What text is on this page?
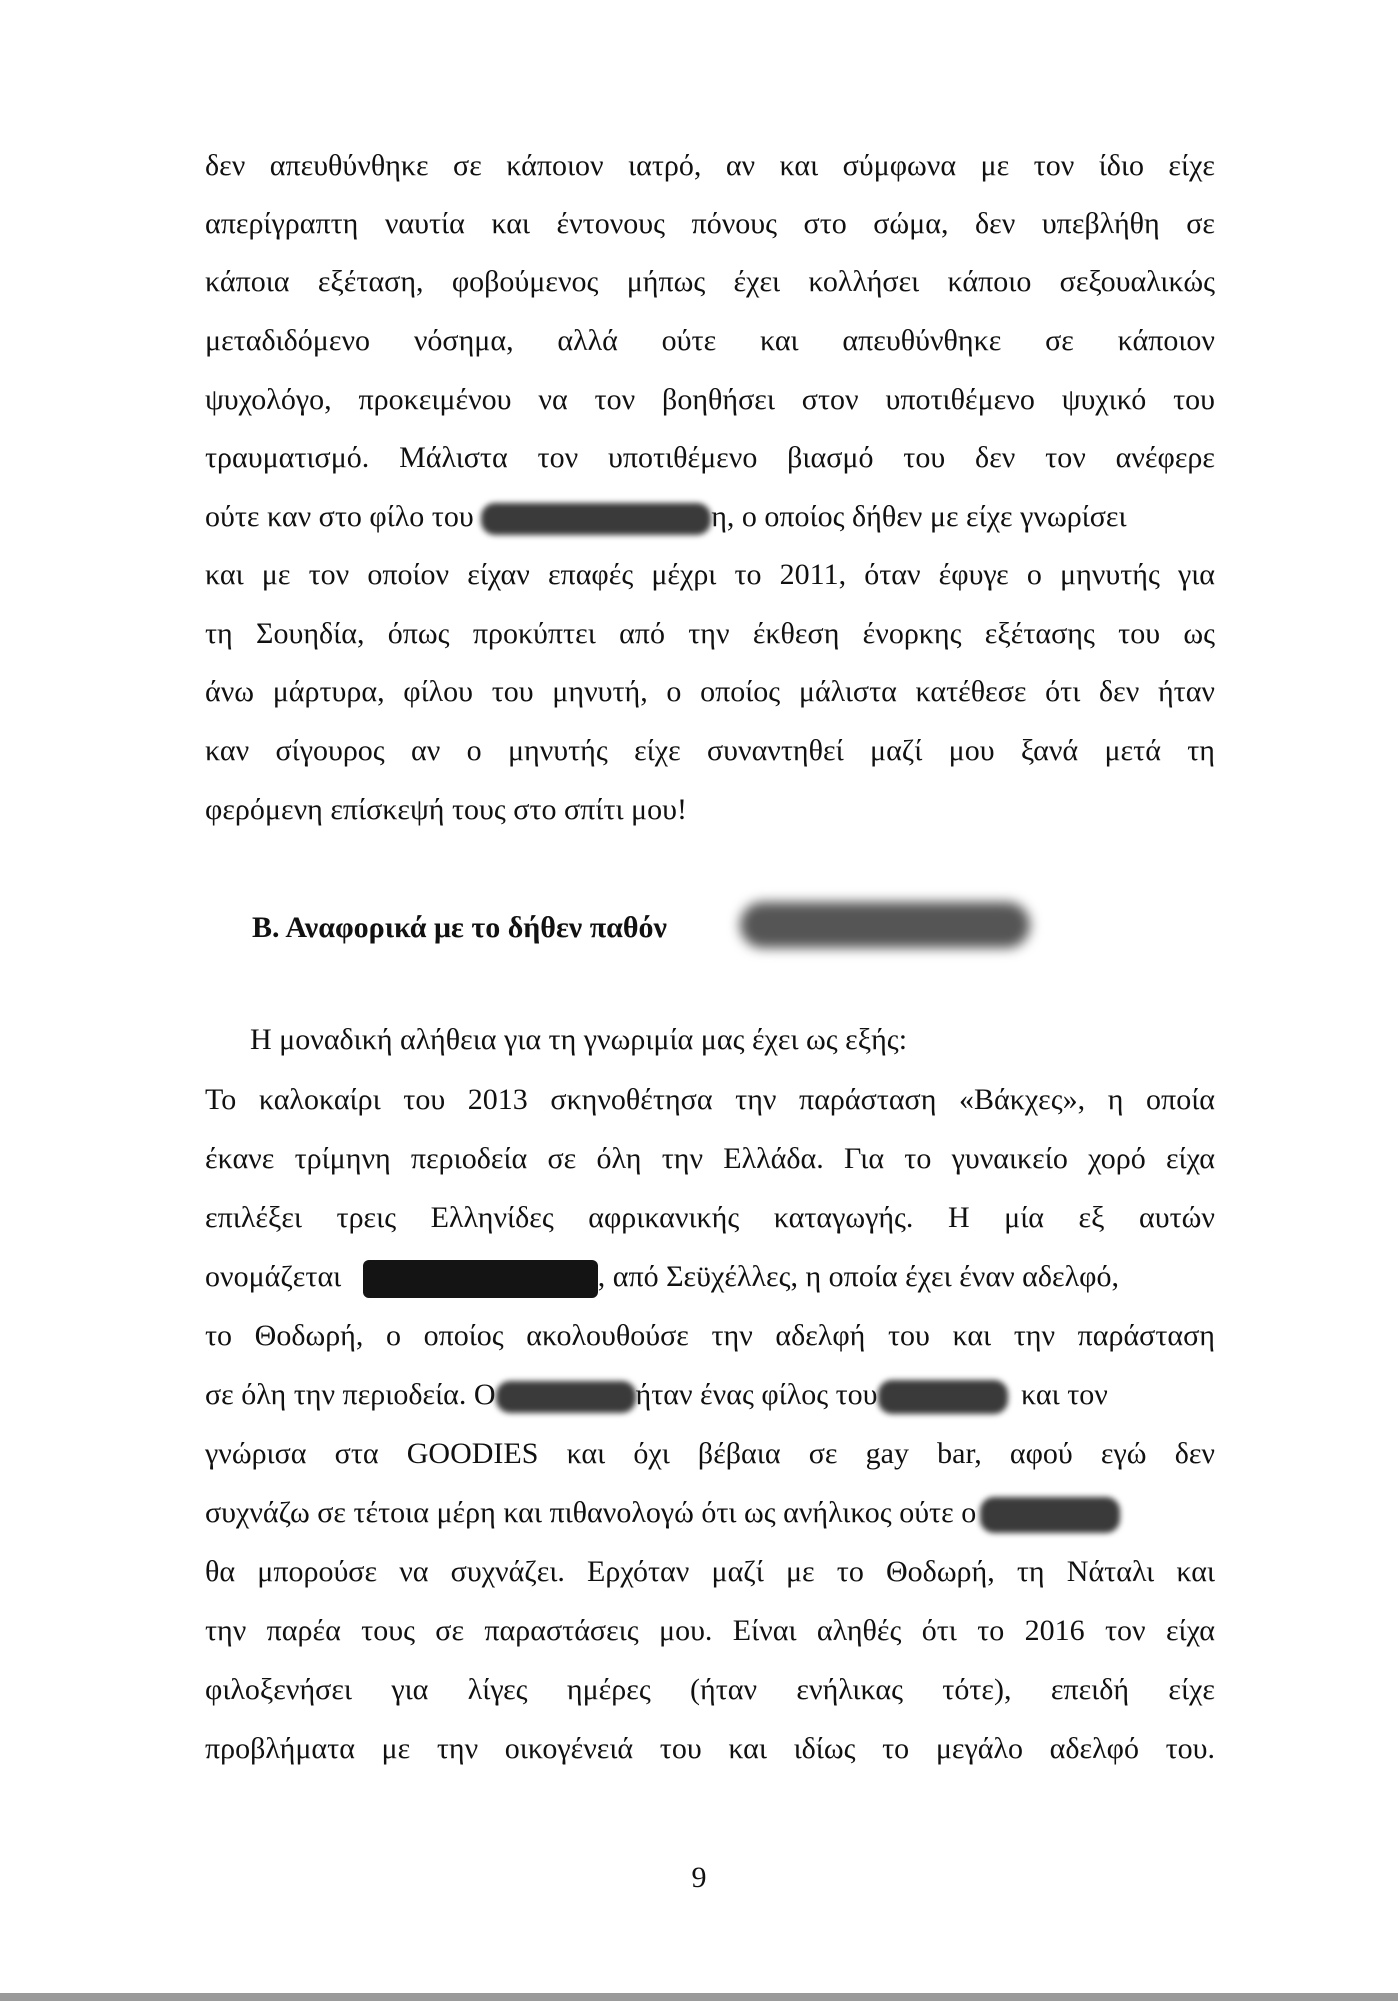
δεν απευθύνθηκε σε κάποιον ιατρό, αν και σύμφωνα με τον ίδιο είχε
απερίγραπτη ναυτία και έντονους πόνους στο σώμα, δεν υπεβλήθη σε
κάποια εξέταση, φοβούμενος μήπως έχει κολλήσει κάποιο σεξουαλικώς
μεταδιδόμενο νόσημα, αλλά ούτε και απευθύνθηκε σε κάποιον
ψυχολόγο, προκειμένου να τον βοηθήσει στον υποτιθέμενο ψυχικό του
τραυματισμό. Μάλιστα τον υποτιθέμενο βιασμό του δεν τον ανέφερε
ούτε καν στο φίλο του	η, ο οποίος δήθεν με είχε γνωρίσει
και με τον οποίον είχαν επαφές μέχρι το 2011, όταν έφυγε ο μηνυτής για
τη Σουηδία, όπως προκύπτει από την έκθεση ένορκης εξέτασης του ως
άνω μάρτυρα, φίλου του μηνυτή, ο οποίος μάλιστα κατέθεσε ότι δεν ήταν
καν σίγουρος αν ο μηνυτής είχε συναντηθεί μαζί μου ξανά μετά τη
φερόμενη επίσκεψή τους στο σπίτι μου!
Β. Αναφορικά με το δήθεν παθόν
Η μοναδική αλήθεια για τη γνωριμία μας έχει ως εξής:
Το καλοκαίρι του 2013 σκηνοθέτησα την παράσταση «Βάκχες», η οποία
έκανε τρίμηνη περιοδεία σε όλη την Ελλάδα. Για το γυναικείο χορό είχα
επιλέξει τρεις Ελληνίδες αφρικανικής καταγωγής. Η μία εξ αυτών
ονομάζεται	, από Σεϋχέλλες, η οποία έχει έναν αδελφό,
το Θοδωρή, ο οποίος ακολουθούσε την αδελφή του και την παράσταση
σε όλη την περιοδεία. Ο	ήταν ένας φίλος του	και τον
γνώρισα στα GOODIES και όχι βέβαια σε gay bar, αφού εγώ δεν
συχνάζω σε τέτοια μέρη και πιθανολογώ ότι ως ανήλικος ούτε ο
θα μπορούσε να συχνάζει. Ερχόταν μαζί με το Θοδωρή, τη Νάταλι και
την παρέα τους σε παραστάσεις μου. Είναι αληθές ότι το 2016 τον είχα
φιλοξενήσει για λίγες ημέρες (ήταν ενήλικας τότε), επειδή είχε
προβλήματα με την οικογένειά του και ιδίως το μεγάλο αδελφό του.
9
